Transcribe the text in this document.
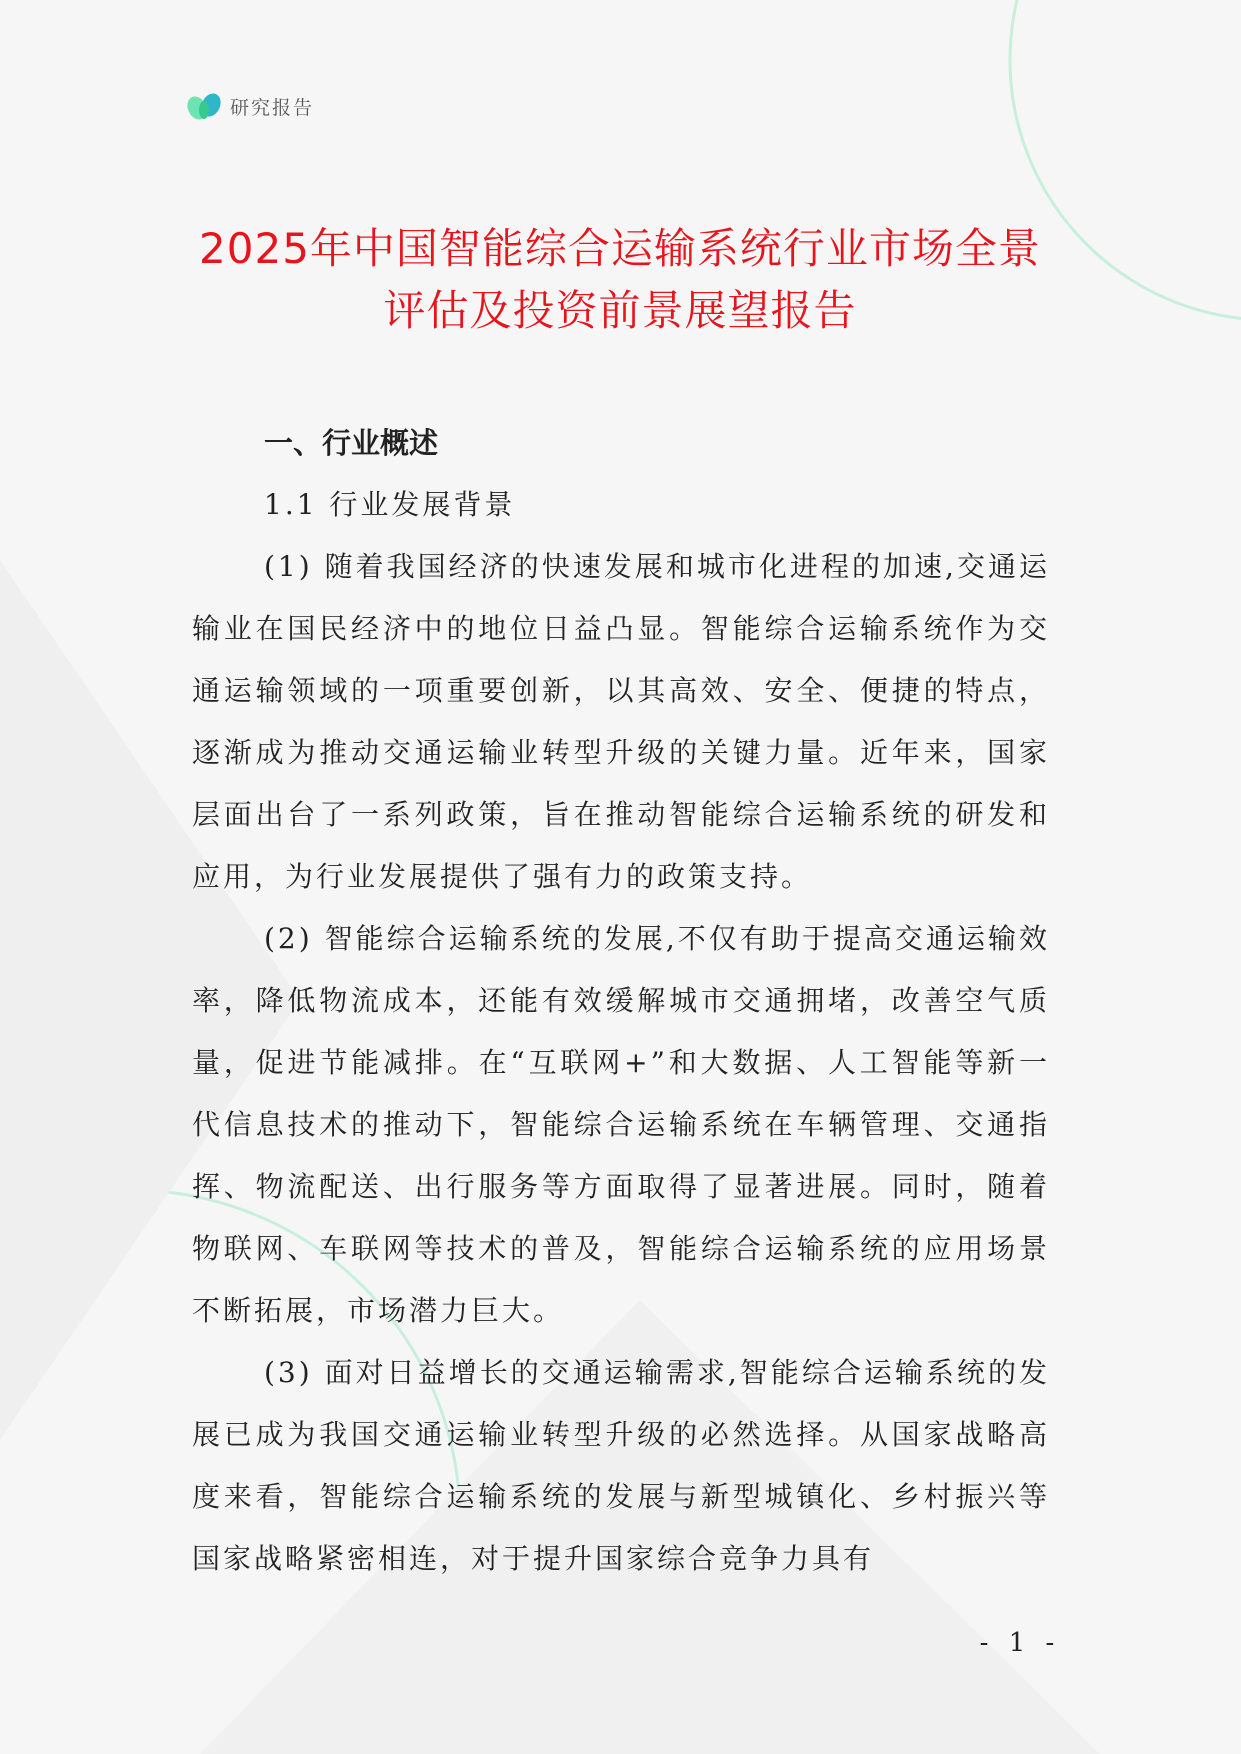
研究报告
2025年中国智能综合运输系统行业市场全景评估及投资前景展望报告
一、行业概述
1.1 行业发展背景

(1) 随着我国经济的快速发展和城市化进程的加速,交通运输业在国民经济中的地位日益凸显。智能综合运输系统作为交通运输领域的一项重要创新，以其高效、安全、便捷的特点，逐渐成为推动交通运输业转型升级的关键力量。近年来，国家层面出台了一系列政策，旨在推动智能综合运输系统的研发和应用，为行业发展提供了强有力的政策支持。

(2) 智能综合运输系统的发展,不仅有助于提高交通运输效率，降低物流成本，还能有效缓解城市交通拥堵，改善空气质量，促进节能减排。在“互联网+”和大数据、人工智能等新一代信息技术的推动下，智能综合运输系统在车辆管理、交通指挥、物流配送、出行服务等方面取得了显著进展。同时，随着物联网、车联网等技术的普及，智能综合运输系统的应用场景不断拓展，市场潜力巨大。

(3) 面对日益增长的交通运输需求,智能综合运输系统的发展已成为我国交通运输业转型升级的必然选择。从国家战略高度来看，智能综合运输系统的发展与新型城镇化、乡村振兴等国家战略紧密相连，对于提升国家综合竞争力具有

- 1 -
